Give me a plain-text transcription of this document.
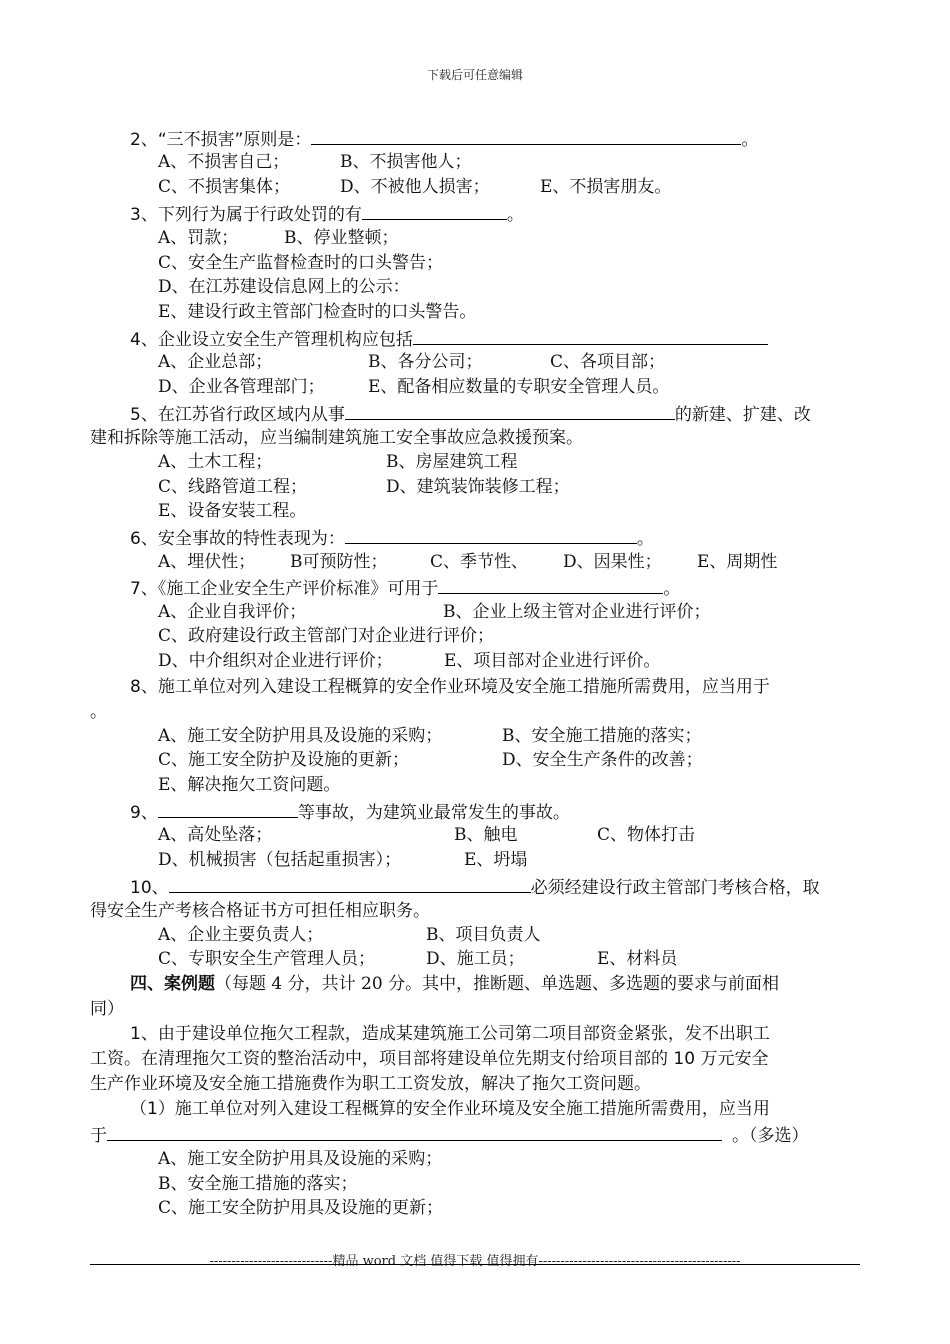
下载后可任意编辑
2、“三不损害”原则是：	。
A、不损害自己；	B、不损害他人；
C、不损害集体；	D、不被他人损害；	E、不损害朋友。
3、下列行为属于行政处罚的有	。
A、罚款；	B、停业整顿；
C、安全生产监督检查时的口头警告；
D、在江苏建设信息网上的公示：
E、建设行政主管部门检查时的口头警告。
4、企业设立安全生产管理机构应包括
A、企业总部；	B、各分公司；	C、各项目部；
D、企业各管理部门；	E、配备相应数量的专职安全管理人员。
5、在江苏省行政区域内从事	的新建、扩建、改
建和拆除等施工活动，应当编制建筑施工安全事故应急救援预案。
A、土木工程；	B、房屋建筑工程
C、线路管道工程；	D、建筑装饰装修工程；
E、设备安装工程。
6、安全事故的特性表现为：	。
A、埋伏性； B可预防性；	C、季节性、 D、因果性； E、周期性
7、《施工企业安全生产评价标准》可用于	。
A、企业自我评价；	B、企业上级主管对企业进行评价；
C、政府建设行政主管部门对企业进行评价；
D、中介组织对企业进行评价；	E、项目部对企业进行评价。
8、施工单位对列入建设工程概算的安全作业环境及安全施工措施所需费用，应当用于
。
A、施工安全防护用具及设施的采购；	B、安全施工措施的落实；
C、施工安全防护及设施的更新；	D、安全生产条件的改善；
E、解决拖欠工资问题。
9、	等事故，为建筑业最常发生的事故。
A、高处坠落；	B、触电	C、物体打击
D、机械损害（包括起重损害）；	E、坍塌
10、	必须经建设行政主管部门考核合格，取
得安全生产考核合格证书方可担任相应职务。
A、企业主要负责人；	B、项目负责人
C、专职安全生产管理人员；	D、施工员；	E、材料员
四、案例题（每题 4 分，共计 20 分。其中，推断题、单选题、多选题的要求与前面相
同）
1、由于建设单位拖欠工程款，造成某建筑施工公司第二项目部资金紧张，发不出职工
工资。在清理拖欠工资的整治活动中，项目部将建设单位先期支付给项目部的 10 万元安全
生产作业环境及安全施工措施费作为职工工资发放，解决了拖欠工资问题。
（1）施工单位对列入建设工程概算的安全作业环境及安全施工措施所需费用，应当用
于	。（多选）
A、施工安全防护用具及设施的采购；
B、安全施工措施的落实；
C、施工安全防护用具及设施的更新；
----------------------------精品 word 文档 值得下载 值得拥有----------------------------------------------
